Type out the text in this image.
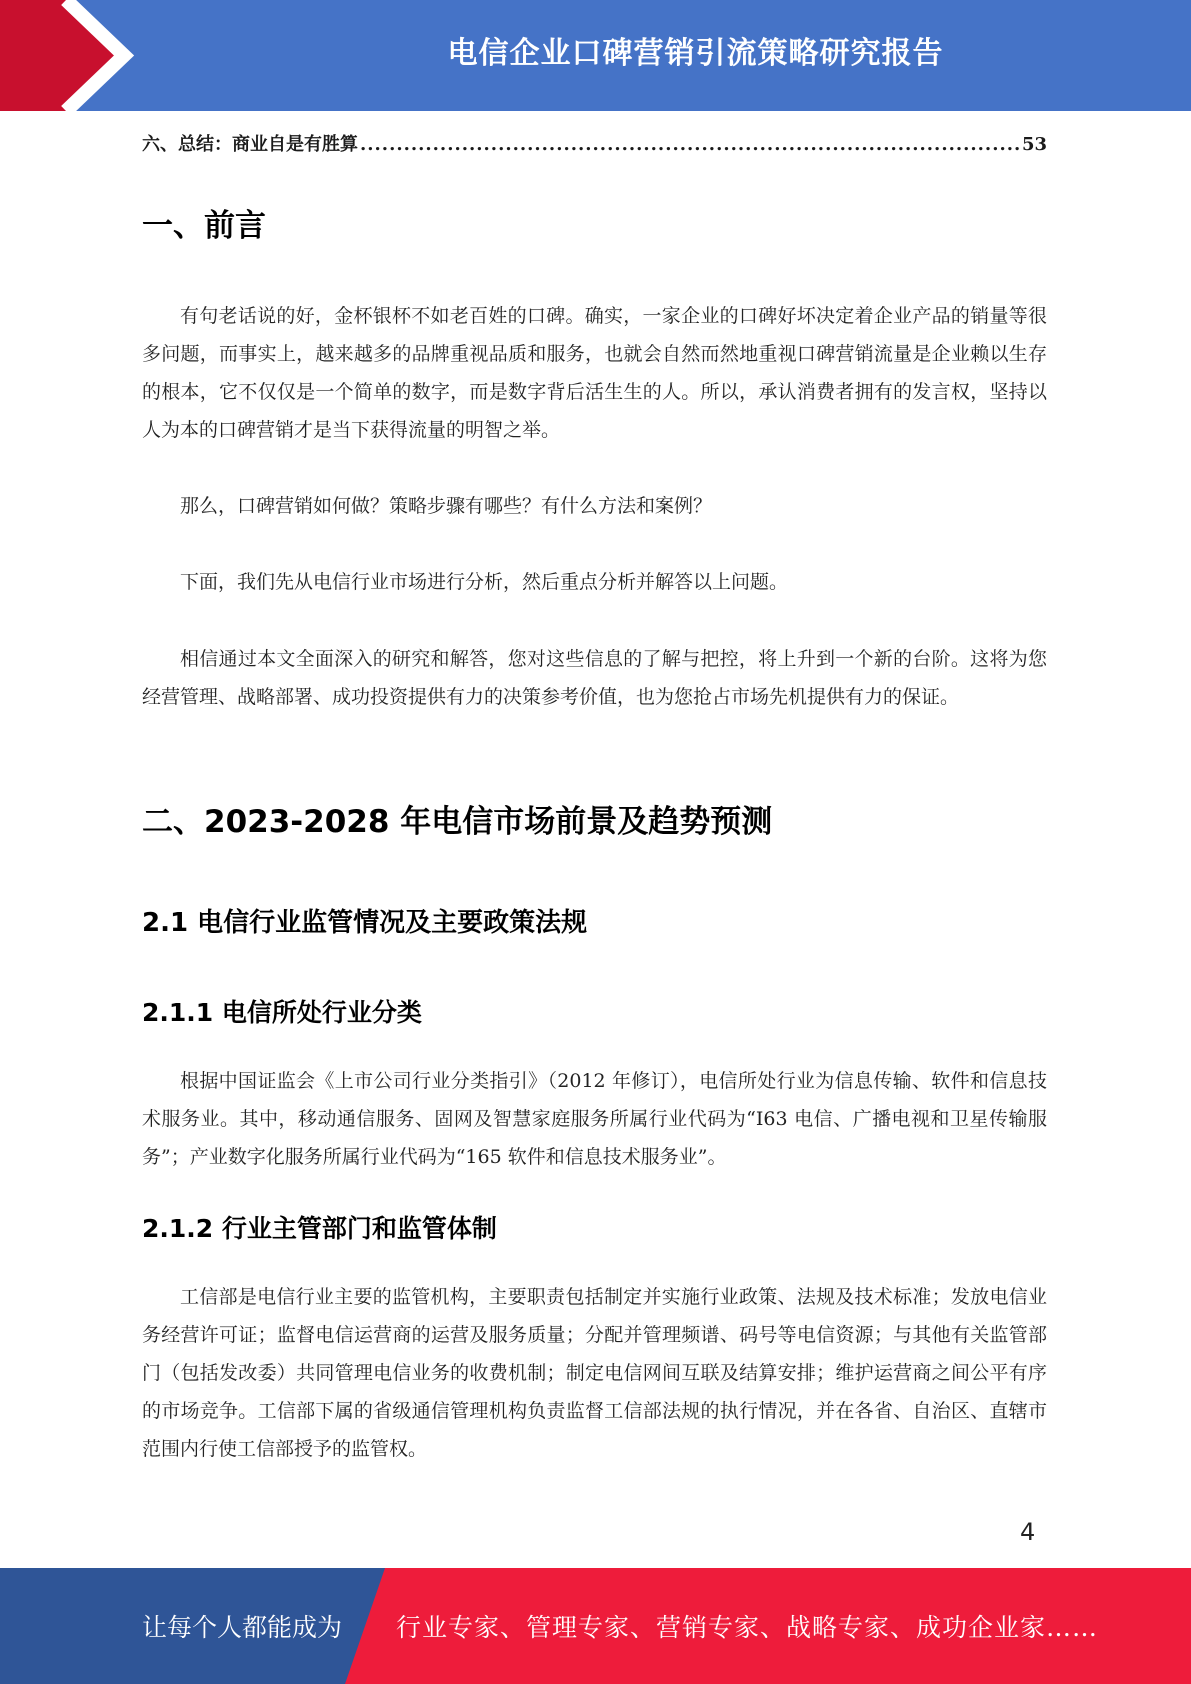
电信企业口碑营销引流策略研究报告
六、总结：商业自是有胜算
.....	53
一、前言

有句老话说的好，金杯银杯不如老百姓的口碑。确实，一家企业的口碑好坏决定着企业产品的销量等很多问题，而事实上，越来越多的品牌重视品质和服务，也就会自然而然地重视口碑营销流量是企业赖以生存的根本，它不仅仅是一个简单的数字，而是数字背后活生生的人。所以，承认消费者拥有的发言权，坚持以人为本的口碑营销才是当下获得流量的明智之举。

那么，口碑营销如何做？策略步骤有哪些？有什么方法和案例？

下面，我们先从电信行业市场进行分析，然后重点分析并解答以上问题。

相信通过本文全面深入的研究和解答，您对这些信息的了解与把控，将上升到一个新的台阶。这将为您经营管理、战略部署、成功投资提供有力的决策参考价值，也为您抢占市场先机提供有力的保证。

二、2023-2028 年电信市场前景及趋势预测
2.1 电信行业监管情况及主要政策法规
2.1.1 电信所处行业分类

根据中国证监会《上市公司行业分类指引》（2012 年修订），电信所处行业为信息传输、软件和信息技术服务业。其中，移动通信服务、固网及智慧家庭服务所属行业代码为“I63 电信、广播电视和卫星传输服务”；产业数字化服务所属行业代码为“165 软件和信息技术服务业”。

2.1.2 行业主管部门和监管体制

工信部是电信行业主要的监管机构，主要职责包括制定并实施行业政策、法规及技术标准；发放电信业务经营许可证；监督电信运营商的运营及服务质量；分配并管理频谱、码号等电信资源；与其他有关监管部门（包括发改委）共同管理电信业务的收费机制；制定电信网间互联及结算安排；维护运营商之间公平有序的市场竞争。工信部下属的省级通信管理机构负责监督工信部法规的执行情况，并在各省、自治区、直辖市范围内行使工信部授予的监管权。

4
让每个人都能成为 行业专家、管理专家、营销专家、战略专家、成功企业家……
